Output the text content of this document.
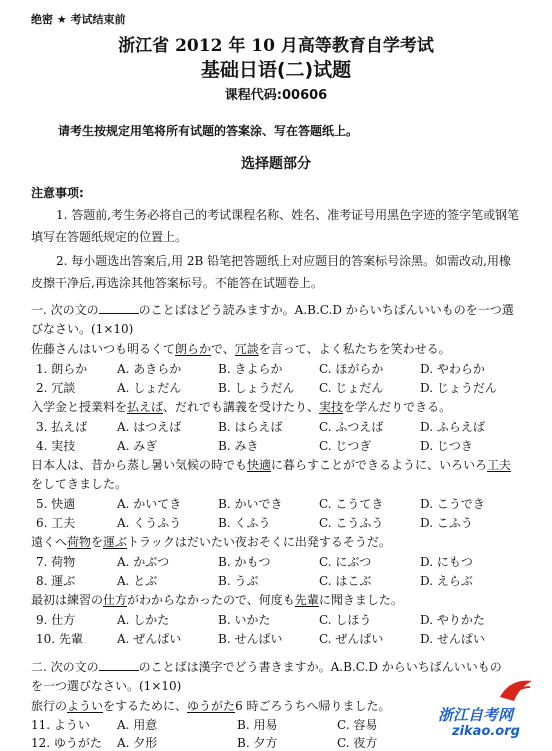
绝密 ★ 考试结束前
浙江省 2012 年 10 月高等教育自学考试
基础日语(二)试题
课程代码:00606
请考生按规定用笔将所有试题的答案涂、写在答题纸上。
选择题部分
注意事项:
1. 答题前,考生务必将自己的考试课程名称、姓名、准考证号用黑色字迹的签字笔或钢笔
填写在答题纸规定的位置上。
2. 每小题选出答案后,用 2B 铅笔把答题纸上对应题目的答案标号涂黑。如需改动,用橡
皮擦干净后,再选涂其他答案标号。不能答在试题卷上。
一. 次の文の	のことばはどう読みますか。A.B.C.D からいちばんいいものを一つ選
びなさい。(1×10)
佐藤さんはいつも明るくて朗らかで、冗談を言って、よく私たちを笑わせる。
1. 朗らか A. あきらか	B. きよらか	C. ほがらか	D. やわらか
2. 冗談	A. しょだん	B. しょうだん C. じょだん	D. じょうだん
入学金と授業料を払えば、だれでも講義を受けたり、実技を学んだりできる。
3. 払えば A. はつえば	B. はらえば	C. ふつえば	D. ふらえば
4. 実技	A. みぎ	B. みき	C. じつぎ	D. じつき
日本人は、昔から蒸し暑い気候の時でも快適に暮らすことができるように、いろいろ工夫
をしてきました。
5. 快適	A. かいてき	B. かいでき	C. こうてき	D. こうでき
6. 工夫	A. くうふう	B. くふう	C. こうふう	D. こふう
遠くへ荷物を運ぶトラックはだいたい夜おそくに出発するそうだ。
7. 荷物	A. かぶつ	B. かもつ	C. にぶつ	D. にもつ
8. 運ぶ	A. とぶ	B. うぶ	C. はこぶ	D. えらぶ
最初は練習の仕方がわからなかったので、何度も先輩に聞きました。
9. 仕方	A. しかた	B. いかた	C. しほう	D. やりかた
10. 先輩	A. ぜんぱい	B. せんぱい	C. ぜんぱい	D. せんぱい
二. 次の文の	のことばは漢字でどう書きますか。A.B.C.D からいちばんいいもの
を一つ選びなさい。(1×10)
旅行のよういをするために、ゆうがた6 時ごろうちへ帰りました。
11. ようい A. 用意	B. 用易	C. 容易
12. ゆうがた A. 夕形	B. 夕方	C. 夜方
浙江自考网
zikao.org
